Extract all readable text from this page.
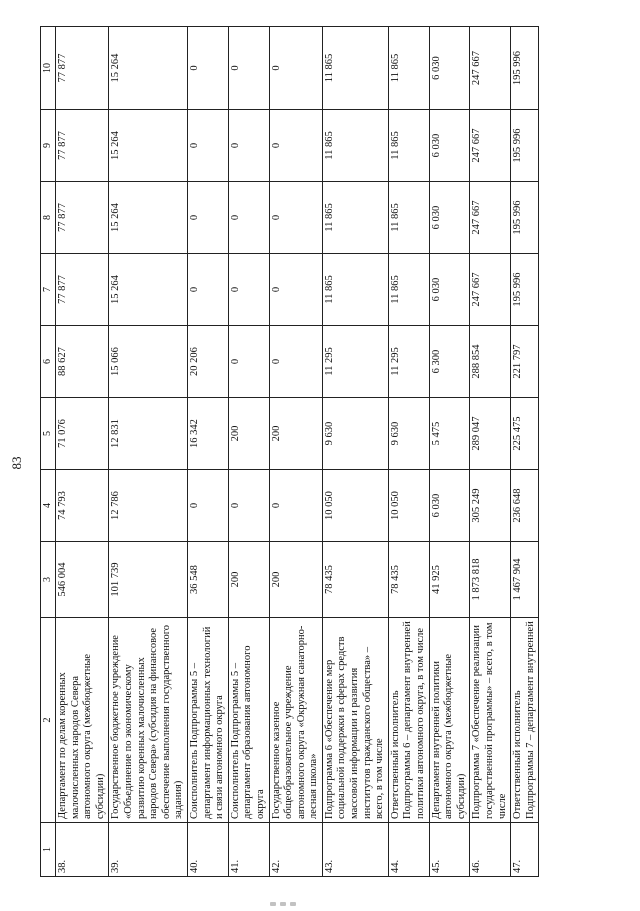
83
1	2	3	4	5	6	7	8	9	10
38.	Департамент по делам коренных малочисленных народов Севера автономного округа (межбюджетные субсидии)	546 004	74 793	71 076	88 627	77 877	77 877	77 877	77 877
39.	Государственное бюджетное учреждение «Объединение по экономическому развитию коренных малочисленных народов Севера» (субсидия на финансовое обеспечение выполнения государственного задания)	101 739	12 786	12 831	15 066	15 264	15 264	15 264	15 264
40.	Соисполнитель Подпрограммы 5 – департамент информационных технологий и связи автономного округа	36 548	0	16 342	20 206	0	0	0	0
41.	Соисполнитель Подпрограммы 5 – департамент образования автономного округа	200	0	200	0	0	0	0	0
42.	Государственное казенное общеобразовательное учреждение автономного округа «Окружная санаторно-лесная школа»	200	0	200	0	0	0	0	0
43.	Подпрограмма 6 «Обеспечение мер социальной поддержки в сферах средств массовой информации и развития институтов гражданского общества» – всего, в том числе	78 435	10 050	9 630	11 295	11 865	11 865	11 865	11 865
44.	Ответственный исполнитель Подпрограммы 6 – департамент внутренней политики автономного округа, в том числе	78 435	10 050	9 630	11 295	11 865	11 865	11 865	11 865
45.	Департамент внутренней политики автономного округа (межбюджетные субсидии)	41 925	6 030	5 475	6 300	6 030	6 030	6 030	6 030
46.	Подпрограмма 7 «Обеспечение реализации государственной программы» – всего, в том числе	1 873 818	305 249	289 047	288 854	247 667	247 667	247 667	247 667
47.	Ответственный исполнитель Подпрограммы 7 – департамент внутренней	1 467 904	236 648	225 475	221 797	195 996	195 996	195 996	195 996
